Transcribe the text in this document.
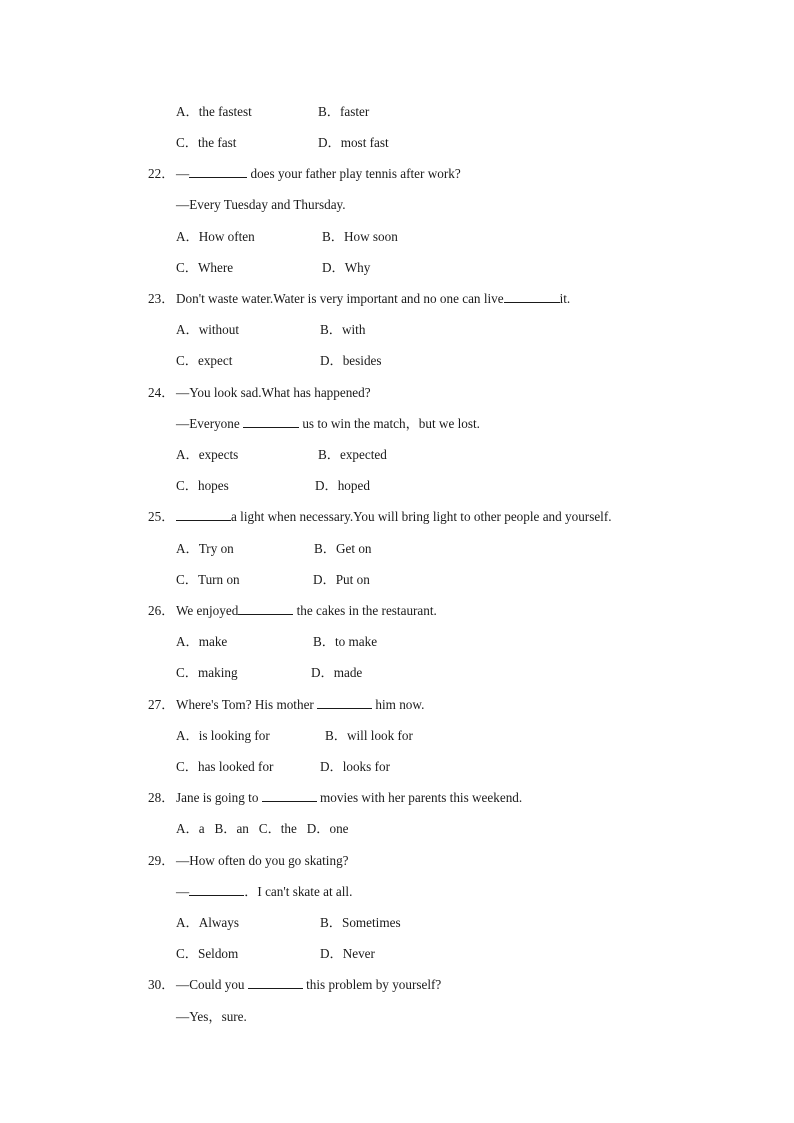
A．the fastest	B．faster
C．the fast	D．most fast
22． —	does your father play tennis after work?
—Every Tuesday and Thursday.
A．How often	B．How soon
C．Where	D．Why
23． Don't waste water.Water is very important and no one can live	it.
A．without	B．with
C．expect	D．besides
24． —You look sad.What has happened?
—Everyone	us to win the match，but we lost.
A．expects	B．expected
C．hopes	D．hoped
25．	a light when necessary.You will bring light to other people and yourself.
A．Try on	B．Get on
C．Turn on	D．Put on
26． We enjoyed	the cakes in the restaurant.
A．make	B．to make
C．making	D．made
27． Where's Tom? His mother	him now.
A．is looking for	B．will look for
C．has looked for	D．looks for
28． Jane is going to	movies with her parents this weekend.
A．a   B．an   C．the   D．one
29． —How often do you go skating?
—	．I can't skate at all.
A．Always	B．Sometimes
C．Seldom	D．Never
30． —Could you	this problem by yourself?
—Yes，sure.
